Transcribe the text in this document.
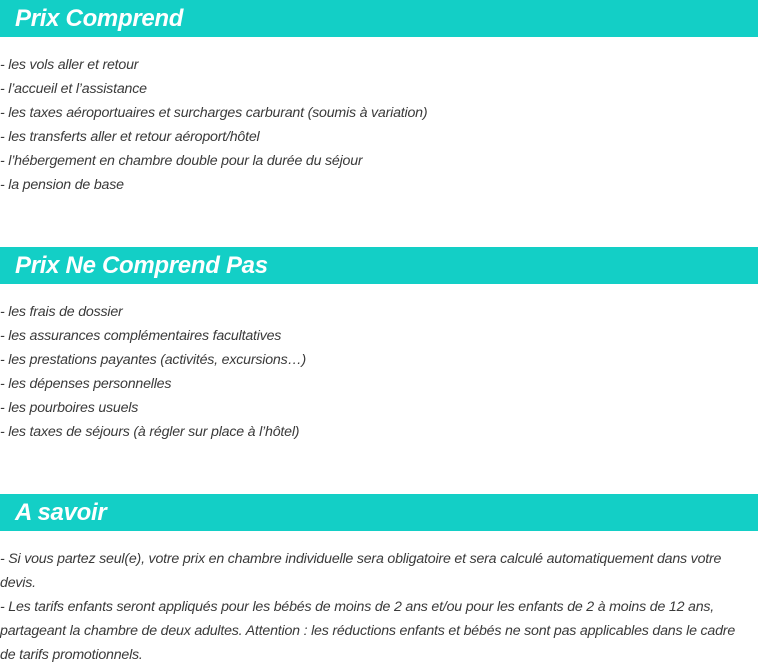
Prix Comprend
- les vols aller et retour
- l’accueil et l’assistance
- les taxes aéroportuaires et surcharges carburant (soumis à variation)
- les transferts aller et retour aéroport/hôtel
- l’hébergement en chambre double pour la durée du séjour
- la pension de base
Prix Ne Comprend Pas
- les frais de dossier
- les assurances complémentaires facultatives
- les prestations payantes (activités, excursions…)
- les dépenses personnelles
- les pourboires usuels
- les taxes de séjours (à régler sur place à l’hôtel)
A savoir
- Si vous partez seul(e), votre prix en chambre individuelle sera obligatoire et sera calculé automatiquement dans votre devis.
- Les tarifs enfants seront appliqués pour les bébés de moins de 2 ans et/ou pour les enfants de 2 à moins de 12 ans, partageant la chambre de deux adultes. Attention : les réductions enfants et bébés ne sont pas applicables dans le cadre de tarifs promotionnels.
